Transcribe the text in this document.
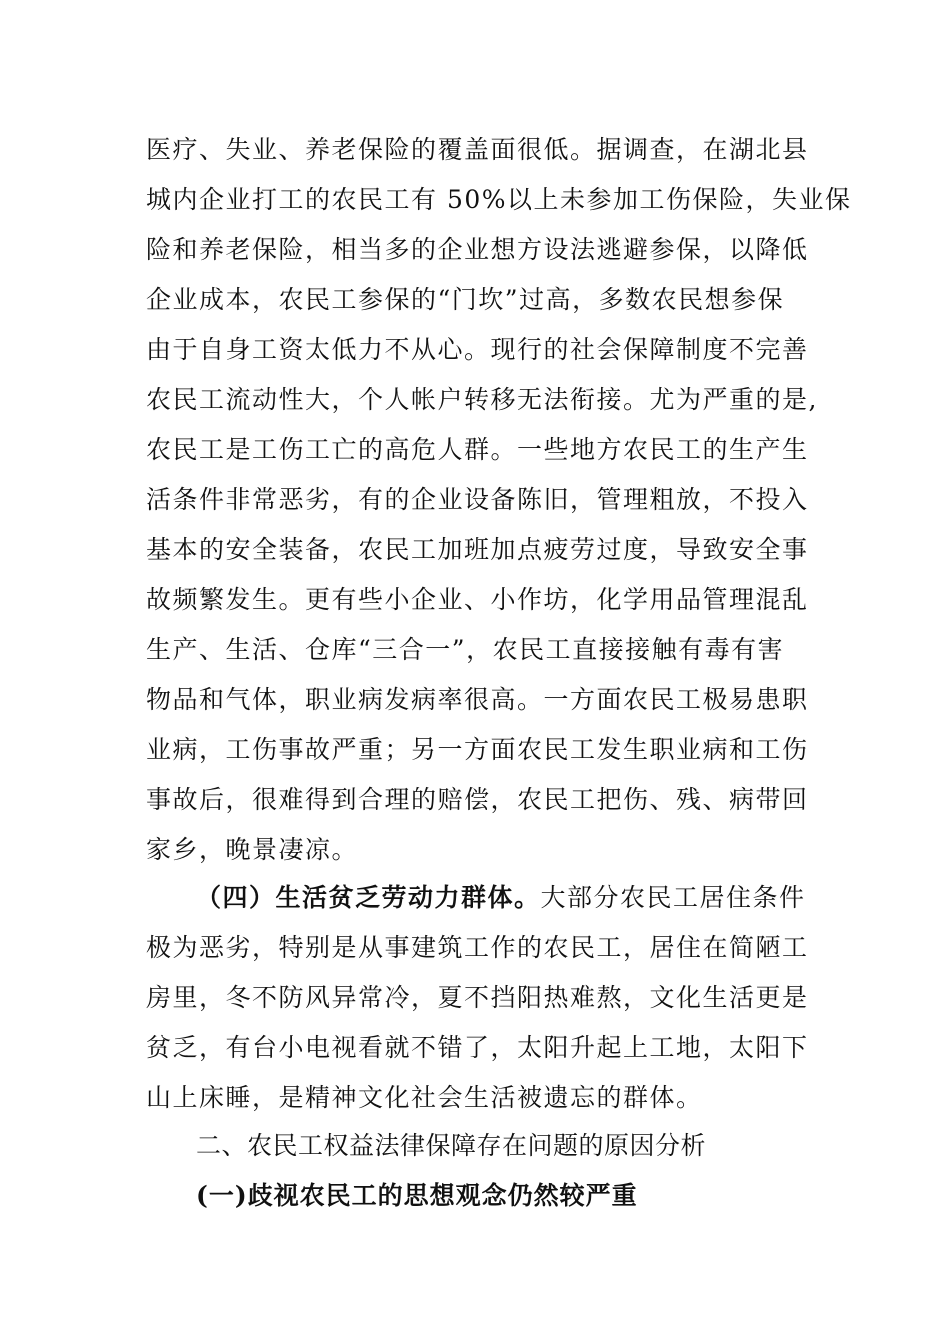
医疗、失业、养老保险的覆盖面很低。据调查，在湖北县
城内企业打工的农民工有 50%以上未参加工伤保险，失业保
险和养老保险，相当多的企业想方设法逃避参保，以降低
企业成本，农民工参保的“门坎”过高，多数农民想参保
由于自身工资太低力不从心。现行的社会保障制度不完善
农民工流动性大，个人帐户转移无法衔接。尤为严重的是,
农民工是工伤工亡的高危人群。一些地方农民工的生产生
活条件非常恶劣，有的企业设备陈旧，管理粗放，不投入
基本的安全装备，农民工加班加点疲劳过度，导致安全事
故频繁发生。更有些小企业、小作坊，化学用品管理混乱
生产、生活、仓库“三合一”，农民工直接接触有毒有害
物品和气体，职业病发病率很高。一方面农民工极易患职
业病，工伤事故严重；另一方面农民工发生职业病和工伤
事故后，很难得到合理的赔偿，农民工把伤、残、病带回
家乡，晚景凄凉。
（四）生活贫乏劳动力群体。大部分农民工居住条件
极为恶劣，特别是从事建筑工作的农民工，居住在简陋工
房里，冬不防风异常冷，夏不挡阳热难熬，文化生活更是
贫乏，有台小电视看就不错了，太阳升起上工地，太阳下
山上床睡，是精神文化社会生活被遗忘的群体。
二、农民工权益法律保障存在问题的原因分析
(一)歧视农民工的思想观念仍然较严重
